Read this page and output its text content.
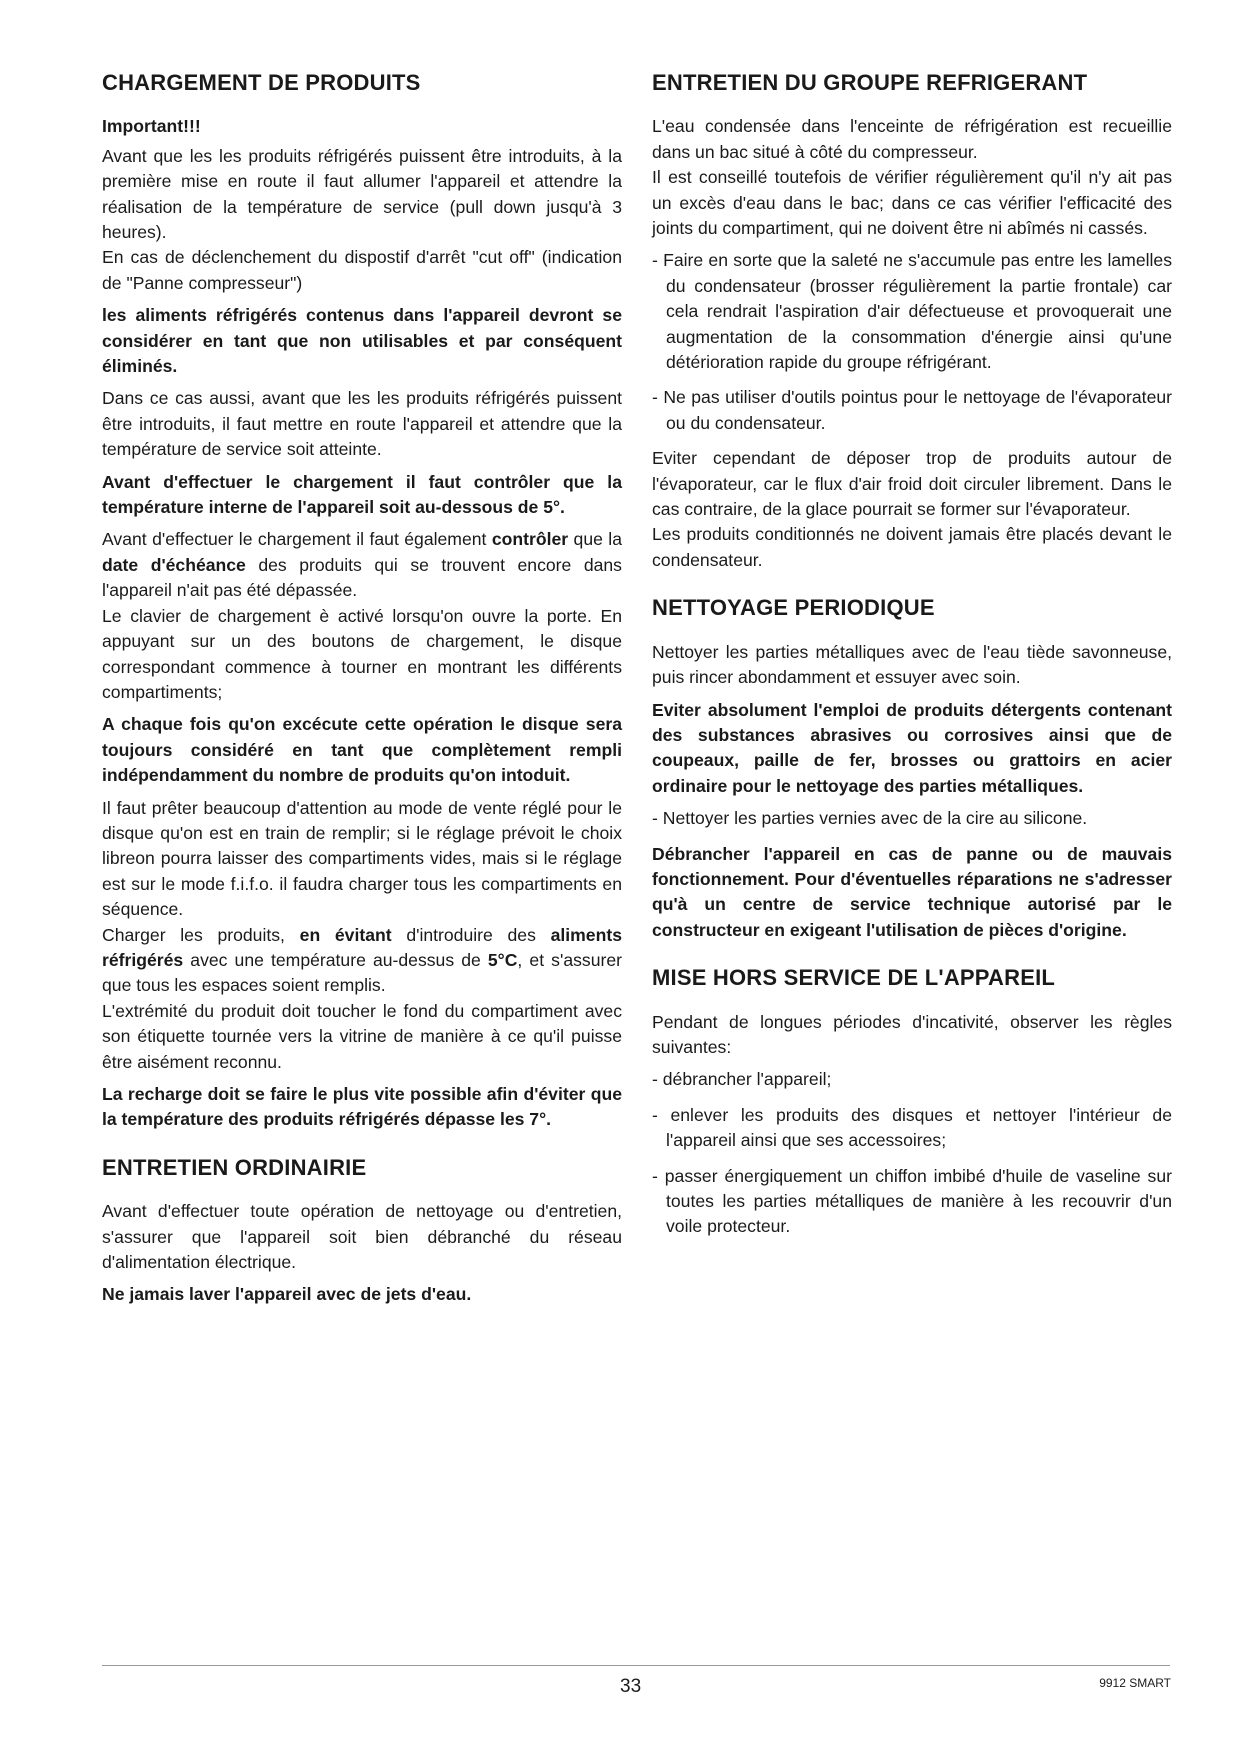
CHARGEMENT DE PRODUITS
Important!!!

Avant que les les produits réfrigérés puissent être introduits, à la première mise en route il faut allumer l'appareil et attendre la réalisation de la température de service (pull down jusqu'à 3 heures).

En cas de déclenchement du dispostif d'arrêt "cut off" (indication de "Panne compresseur")

les aliments réfrigérés contenus dans l'appareil devront se considérer en tant que non utilisables et par conséquent éliminés.

Dans ce cas aussi, avant que les les produits réfrigérés puissent être introduits, il faut mettre en route l'appareil et attendre que la température de service soit atteinte.

Avant d'effectuer le chargement il faut contrôler que la température interne de l'appareil soit au-dessous de 5°.

Avant d'effectuer le chargement il faut également contrôler que la date d'échéance des produits qui se trouvent encore dans l'appareil n'ait pas été dépassée.

Le clavier de chargement è activé lorsqu'on ouvre la porte. En appuyant sur un des boutons de chargement, le disque correspondant commence à tourner en montrant les différents compartiments;

A chaque fois qu'on excécute cette opération le disque sera toujours considéré en tant que complètement rempli indépendamment du nombre de produits qu'on intoduit.

Il faut prêter beaucoup d'attention au mode de vente réglé pour le disque qu'on est en train de remplir; si le réglage prévoit le choix libreon pourra laisser des compartiments vides, mais si le réglage est sur le mode f.i.f.o. il faudra charger tous les compartiments en séquence.

Charger les produits, en évitant d'introduire des aliments réfrigérés avec une température au-dessus de 5°C, et s'assurer que tous les espaces soient remplis.

L'extrémité du produit doit toucher le fond du compartiment avec son étiquette tournée vers la vitrine de manière à ce qu'il puisse être aisément reconnu.

La recharge doit se faire le plus vite possible afin d'éviter que la température des produits réfrigérés dépasse les 7°.

ENTRETIEN ORDINAIRIE

Avant d'effectuer toute opération de nettoyage ou d'entretien, s'assurer que l'appareil soit bien débranché du réseau d'alimentation électrique.

Ne jamais laver l'appareil avec de jets d'eau.

ENTRETIEN DU GROUPE REFRIGERANT

L'eau condensée dans l'enceinte de réfrigération est recueillie dans un bac situé à côté du compresseur.

Il est conseillé toutefois de vérifier régulièrement qu'il n'y ait pas un excès d'eau dans le bac; dans ce cas vérifier l'efficacité des joints du compartiment, qui ne doivent être ni abîmés ni cassés.

- Faire en sorte que la saleté ne s'accumule pas entre les lamelles du condensateur (brosser régulièrement la partie frontale) car cela rendrait l'aspiration d'air défectueuse et provoquerait une augmentation de la consommation d'énergie ainsi qu'une détérioration rapide du groupe réfrigérant.

- Ne pas utiliser d'outils pointus pour le nettoyage de l'évaporateur ou du condensateur.

Eviter cependant de déposer trop de produits autour de l'évaporateur, car le flux d'air froid doit circuler librement. Dans le cas contraire, de la glace pourrait se former sur l'évaporateur.

Les produits conditionnés ne doivent jamais être placés devant le condensateur.

NETTOYAGE PERIODIQUE

Nettoyer les parties métalliques avec de l'eau tiède savonneuse, puis rincer abondamment et essuyer avec soin.

Eviter absolument l'emploi de produits détergents contenant des substances abrasives ou corrosives ainsi que de coupeaux, paille de fer, brosses ou grattoirs en acier ordinaire pour le nettoyage des parties métalliques.

- Nettoyer les parties vernies avec de la cire au silicone.

Débrancher l'appareil en cas de panne ou de mauvais fonctionnement. Pour d'éventuelles réparations ne s'adresser qu'à un centre de service technique autorisé par le constructeur en exigeant l'utilisation de pièces d'origine.

MISE HORS SERVICE DE L'APPAREIL

Pendant de longues périodes d'incativité, observer les règles suivantes:

- débrancher l'appareil;

- enlever les produits des disques et nettoyer l'intérieur de l'appareil ainsi que ses accessoires;

- passer énergiquement un chiffon imbibé d'huile de vaseline sur toutes les parties métalliques de manière à les recouvrir d'un voile protecteur.

33	9912 SMART
